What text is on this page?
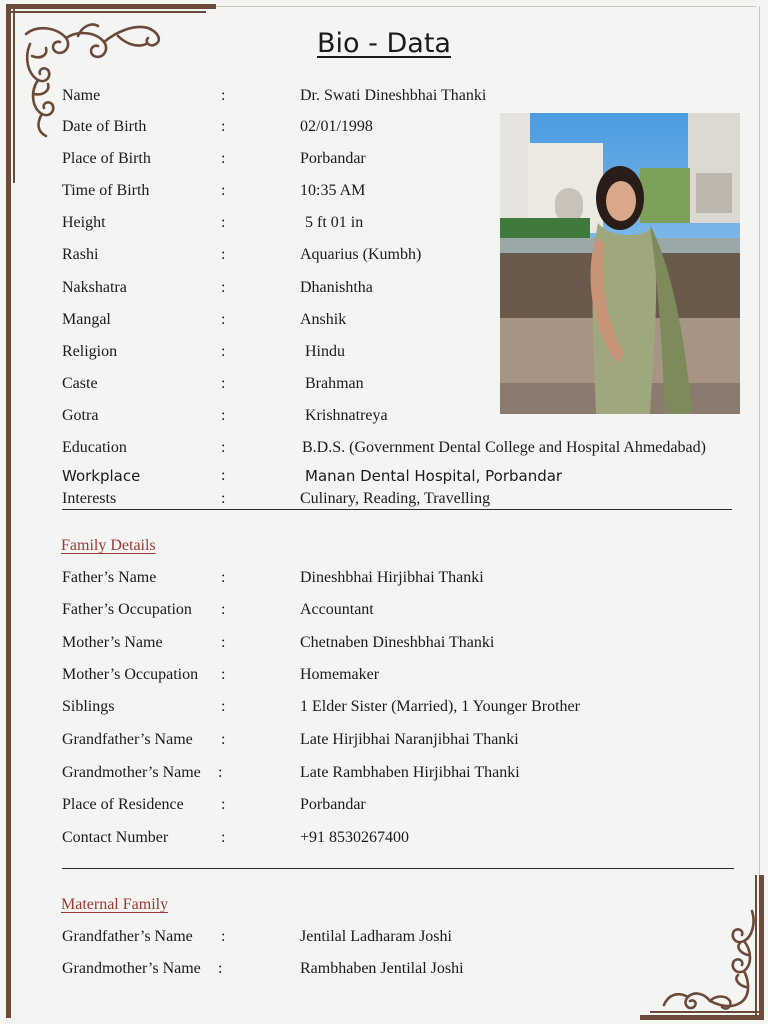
Bio - Data
Name	:	Dr. Swati Dineshbhai Thanki
Date of Birth	:	02/01/1998
Place of Birth	:	Porbandar
Time of Birth	:	10:35 AM
Height	:	5 ft 01 in
Rashi	:	Aquarius (Kumbh)
Nakshatra	:	Dhanishtha
Mangal	:	Anshik
Religion	:	Hindu
Caste	:	Brahman
Gotra	:	Krishnatreya
Education	:	B.D.S. (Government Dental College and Hospital Ahmedabad)
Workplace	:	Manan Dental Hospital, Porbandar
Interests	:	Culinary, Reading, Travelling
Family Details
Father’s Name	:	Dineshbhai Hirjibhai Thanki
Father’s Occupation :	Accountant
Mother’s Name	:	Chetnaben Dineshbhai Thanki
Mother’s Occupation :	Homemaker
Siblings	:	1 Elder Sister (Married), 1 Younger Brother
Grandfather’s Name :	Late Hirjibhai Naranjibhai Thanki
Grandmother’s Name :	Late Rambhaben Hirjibhai Thanki
Place of Residence :	Porbandar
Contact Number	:	+91 8530267400
Maternal Family
Grandfather’s Name :	Jentilal Ladharam Joshi
Grandmother’s Name :	Rambhaben Jentilal Joshi
